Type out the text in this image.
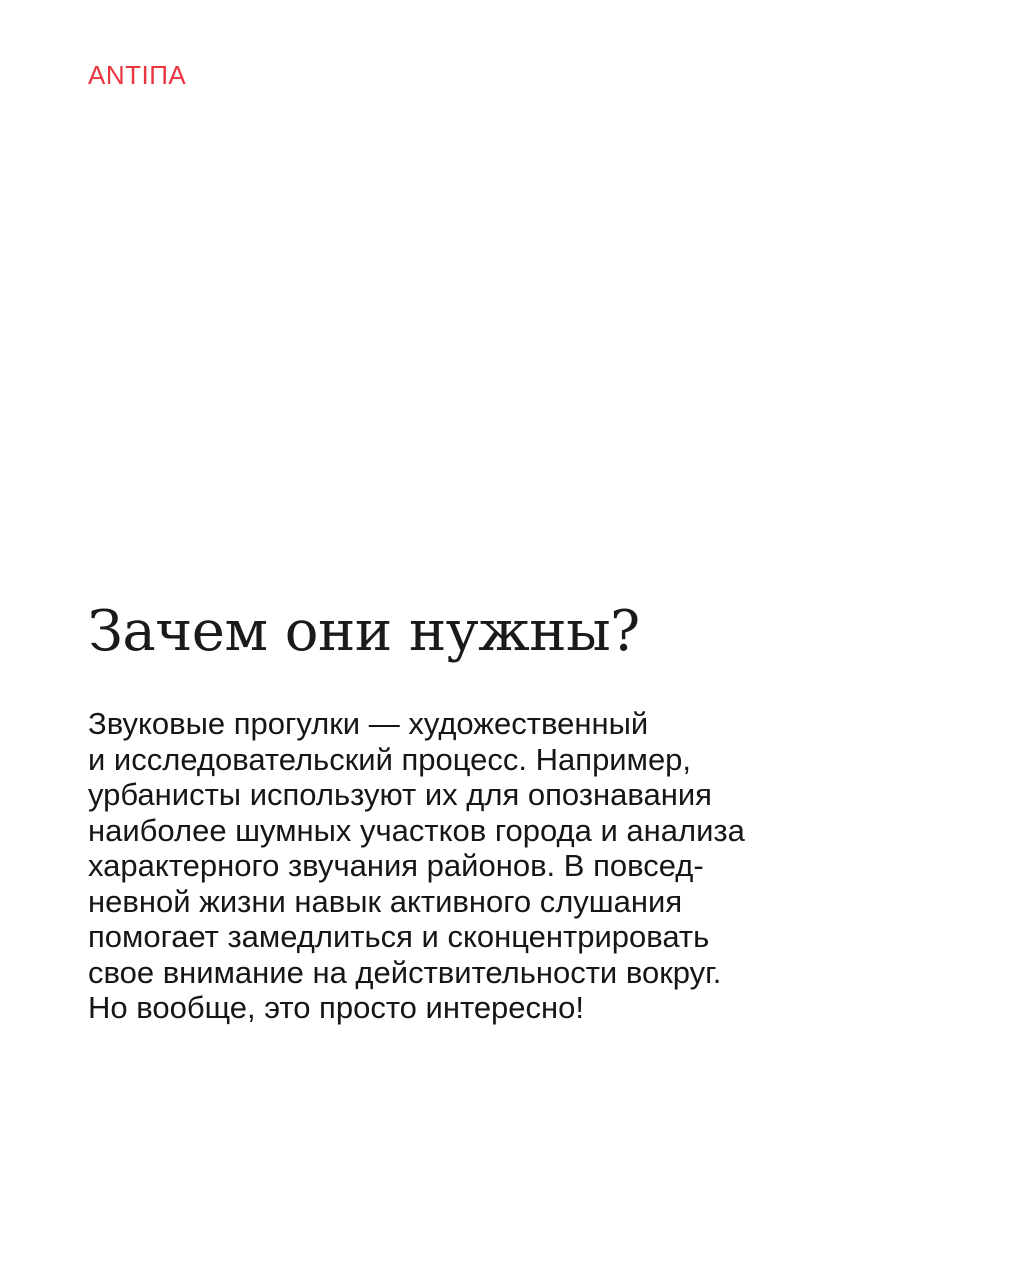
ANTIПА
Зачем они нужны?

Звуковые прогулки — художественный
и исследовательский процесс. Например,
урбанисты используют их для опознавания
наиболее шумных участков города и анализа
характерного звучания районов. В повсед-
невной жизни навык активного слушания
помогает замедлиться и сконцентрировать
свое внимание на действительности вокруг.
Но вообще, это просто интересно!
